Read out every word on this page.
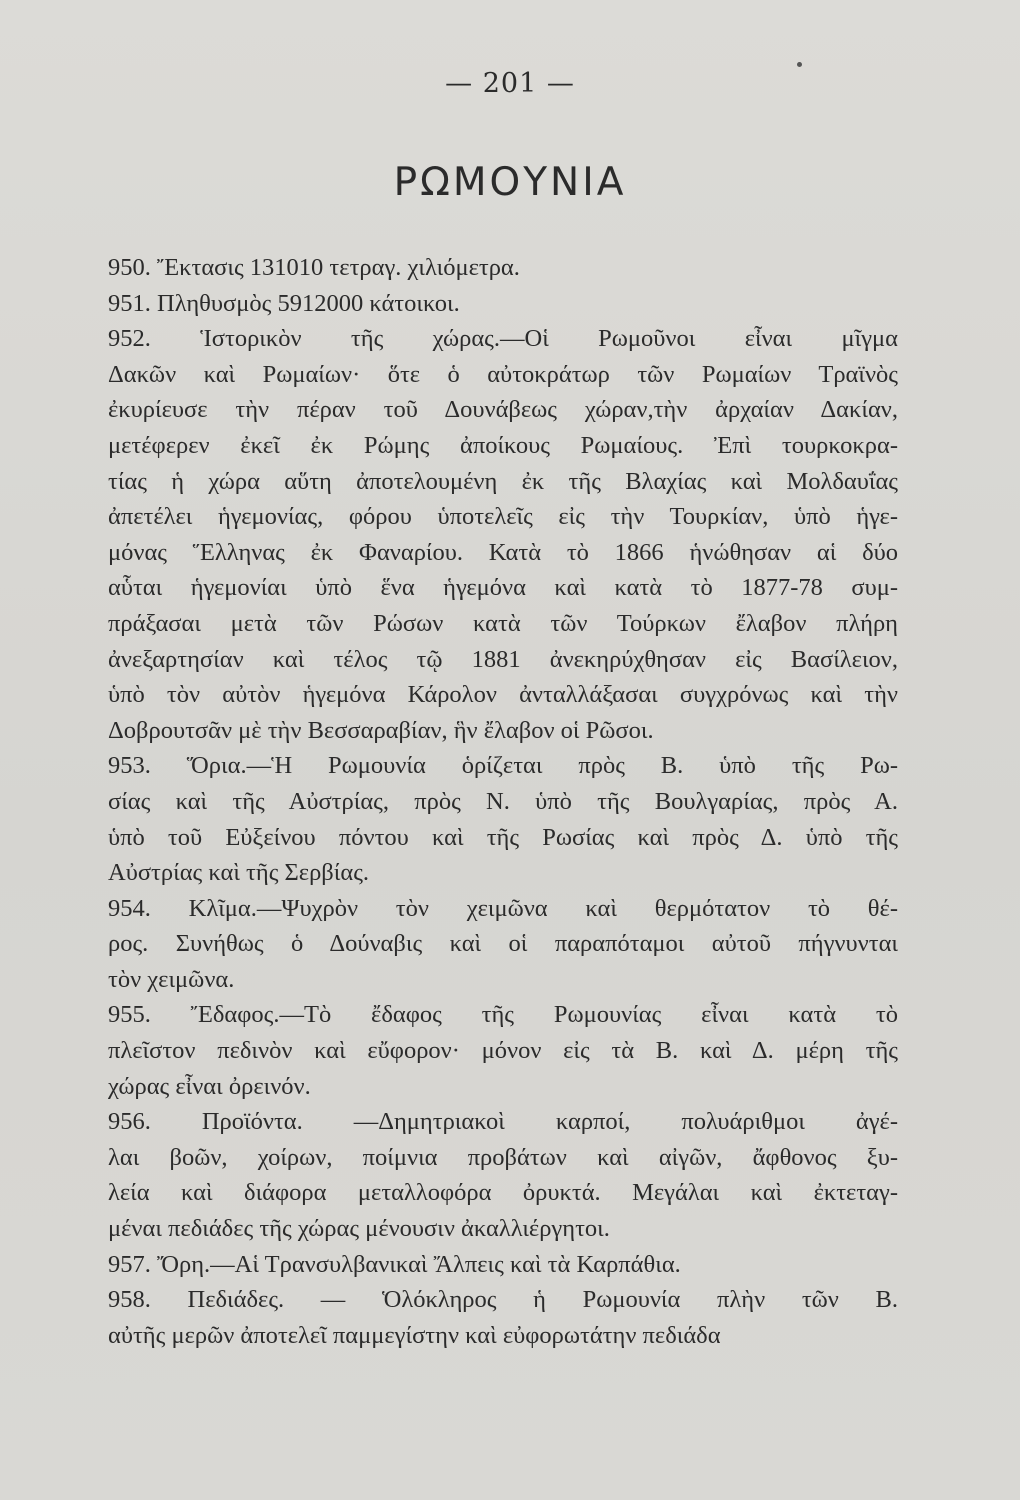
— 201 —
ΡΩΜΟΥΝΙΑ
950. Ἔκτασις 131010 τετραγ. χιλιόμετρα.
951. Πληθυσμὸς 5912000 κάτοικοι.
952. Ἱστορικὸν τῆς χώρας.—Οἱ Ρωμοῦνοι εἶναι μῖγμα
Δακῶν καὶ Ρωμαίων· ὅτε ὁ αὐτοκράτωρ τῶν Ρωμαίων Τραϊνὸς
ἐκυρίευσε τὴν πέραν τοῦ Δουνάβεως χώραν,τὴν ἀρχαίαν Δακίαν,
μετέφερεν ἐκεῖ ἐκ Ρώμης ἀποίκους Ρωμαίους. Ἐπὶ τουρκοκρα-
τίας ἡ χώρα αὕτη ἀποτελουμένη ἐκ τῆς Βλαχίας καὶ Μολδαυΐας
ἀπετέλει ἡγεμονίας, φόρου ὑποτελεῖς εἰς τὴν Τουρκίαν, ὑπὸ ἡγε-
μόνας Ἕλληνας ἐκ Φαναρίου. Κατὰ τὸ 1866 ἡνώθησαν αἱ δύο
αὗται ἡγεμονίαι ὑπὸ ἕνα ἡγεμόνα καὶ κατὰ τὸ 1877-78 συμ-
πράξασαι μετὰ τῶν Ρώσων κατὰ τῶν Τούρκων ἔλαβον πλήρη
ἀνεξαρτησίαν καὶ τέλος τῷ 1881 ἀνεκηρύχθησαν εἰς Βασίλειον,
ὑπὸ τὸν αὐτὸν ἡγεμόνα Κάρολον ἀνταλλάξασαι συγχρόνως καὶ τὴν
Δοβρουτσᾶν μὲ τὴν Βεσσαραβίαν, ἣν ἔλαβον οἱ Ρῶσοι.
953. Ὅρια.—Ἡ Ρωμουνία ὁρίζεται πρὸς Β. ὑπὸ τῆς Ρω-
σίας καὶ τῆς Αὐστρίας, πρὸς Ν. ὑπὸ τῆς Βουλγαρίας, πρὸς Α.
ὑπὸ τοῦ Εὐξείνου πόντου καὶ τῆς Ρωσίας καὶ πρὸς Δ. ὑπὸ τῆς
Αὐστρίας καὶ τῆς Σερβίας.
954. Κλῖμα.—Ψυχρὸν τὸν χειμῶνα καὶ θερμότατον τὸ θέ-
ρος. Συνήθως ὁ Δούναβις καὶ οἱ παραπόταμοι αὐτοῦ πήγνυνται
τὸν χειμῶνα.
955. Ἔδαφος.—Τὸ ἔδαφος τῆς Ρωμουνίας εἶναι κατὰ τὸ
πλεῖστον πεδινὸν καὶ εὔφορον· μόνον εἰς τὰ Β. καὶ Δ. μέρη τῆς
χώρας εἶναι ὀρεινόν.
956. Προϊόντα. —Δημητριακοὶ καρποί, πολυάριθμοι ἀγέ-
λαι βοῶν, χοίρων, ποίμνια προβάτων καὶ αἰγῶν, ἄφθονος ξυ-
λεία καὶ διάφορα μεταλλοφόρα ὀρυκτά. Μεγάλαι καὶ ἐκτεταγ-
μέναι πεδιάδες τῆς χώρας μένουσιν ἀκαλλιέργητοι.
957. Ὄρη.—Αἱ Τρανσυλβανικαὶ Ἄλπεις καὶ τὰ Καρπάθια.
958. Πεδιάδες. — Ὁλόκληρος ἡ Ρωμουνία πλὴν τῶν Β.
αὐτῆς μερῶν ἀποτελεῖ παμμεγίστην καὶ εὐφορωτάτην πεδιάδα
